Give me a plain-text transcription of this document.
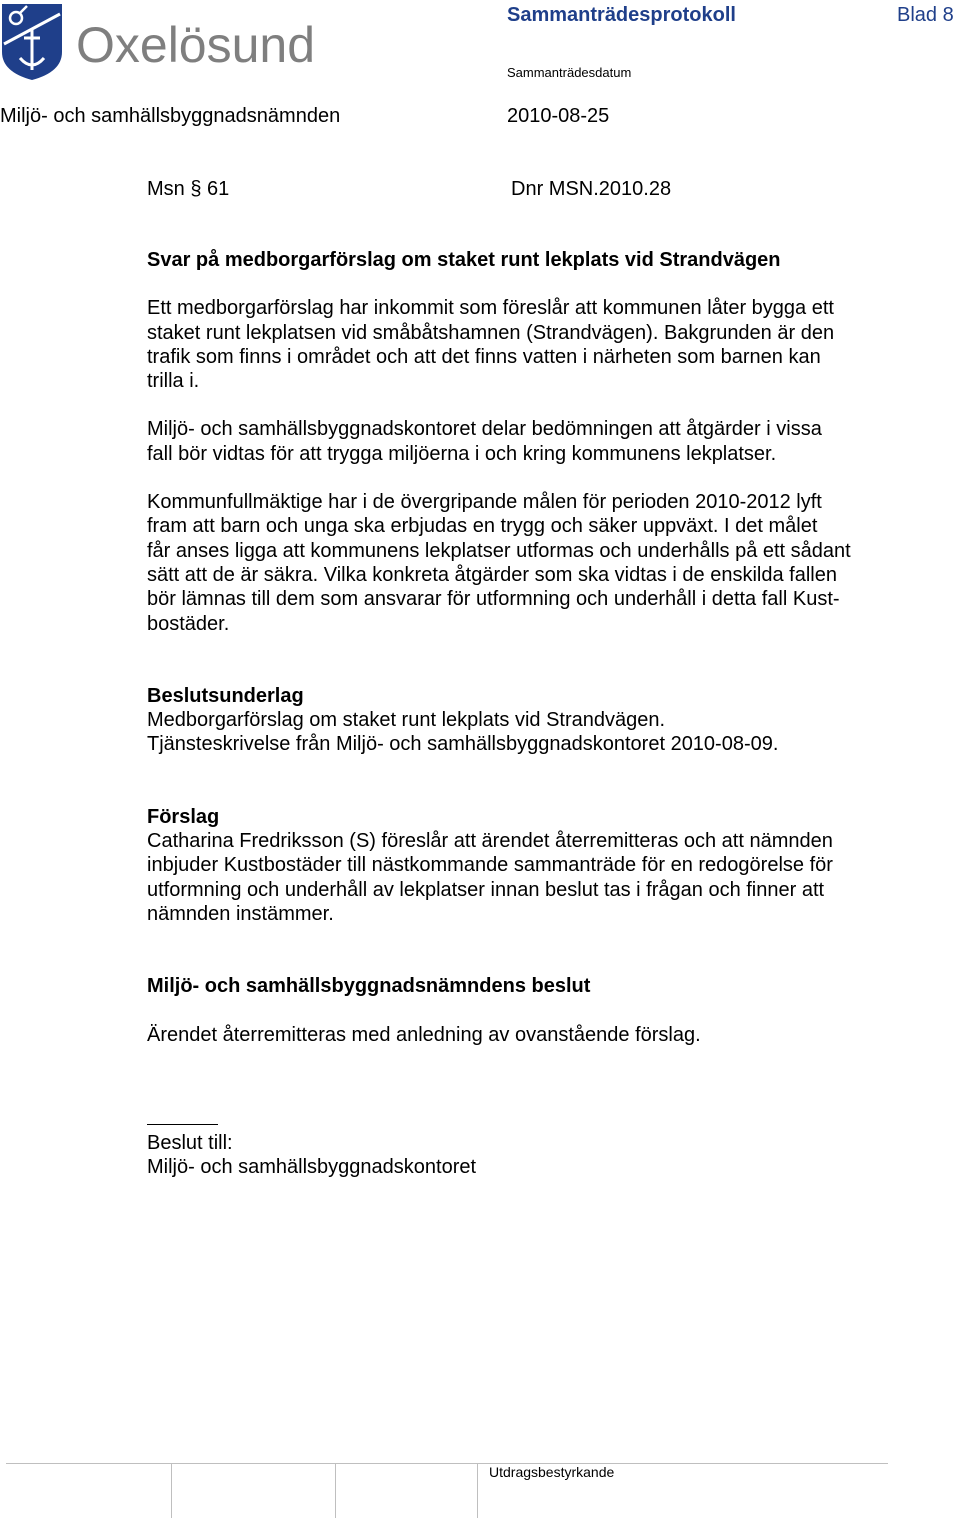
Oxelösund
Sammanträdesprotokoll	Blad 8
Sammanträdesdatum
Miljö- och samhällsbyggnadsnämnden	2010-08-25
Msn § 61	Dnr MSN.2010.28

Svar på medborgarförslag om staket runt lekplats vid Strandvägen

Ett medborgarförslag har inkommit som föreslår att kommunen låter bygga ett
staket runt lekplatsen vid småbåtshamnen (Strandvägen). Bakgrunden är den
trafik som finns i området och att det finns vatten i närheten som barnen kan
trilla i.

Miljö- och samhällsbyggnadskontoret delar bedömningen att åtgärder i vissa
fall bör vidtas för att trygga miljöerna i och kring kommunens lekplatser.

Kommunfullmäktige har i de övergripande målen för perioden 2010-2012 lyft
fram att barn och unga ska erbjudas en trygg och säker uppväxt. I det målet
får anses ligga att kommunens lekplatser utformas och underhålls på ett sådant
sätt att de är säkra. Vilka konkreta åtgärder som ska vidtas i de enskilda fallen
bör lämnas till dem som ansvarar för utformning och underhåll i detta fall Kust-
bostäder.

Beslutsunderlag

Medborgarförslag om staket runt lekplats vid Strandvägen.

Tjänsteskrivelse från Miljö- och samhällsbyggnadskontoret 2010-08-09.

Förslag

Catharina Fredriksson (S) föreslår att ärendet återremitteras och att nämnden
inbjuder Kustbostäder till nästkommande sammanträde för en redogörelse för
utformning och underhåll av lekplatser innan beslut tas i frågan och finner att
nämnden instämmer.

Miljö- och samhällsbyggnadsnämndens beslut

Ärendet återremitteras med anledning av ovanstående förslag.

Beslut till:

Miljö- och samhällsbyggnadskontoret

Utdragsbestyrkande
